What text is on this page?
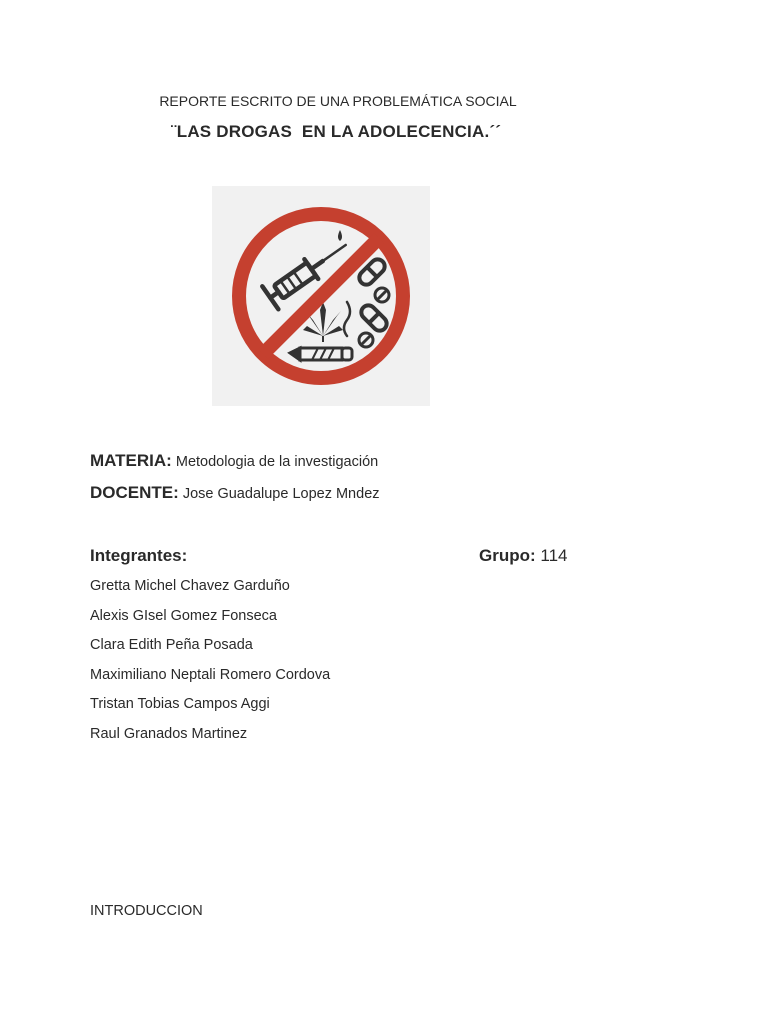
REPORTE ESCRITO DE UNA PROBLEMÁTICA SOCIAL
¨LAS DROGAS  EN LA ADOLECENCIA.´´
MATERIA: Metodologia de la investigación
DOCENTE: Jose Guadalupe Lopez Mndez
Integrantes:	Grupo: 114
Gretta Michel Chavez Garduño
Alexis GIsel Gomez Fonseca
Clara Edith Peña Posada
Maximiliano Neptali Romero Cordova
Tristan Tobias Campos Aggi
Raul Granados Martinez
INTRODUCCION
